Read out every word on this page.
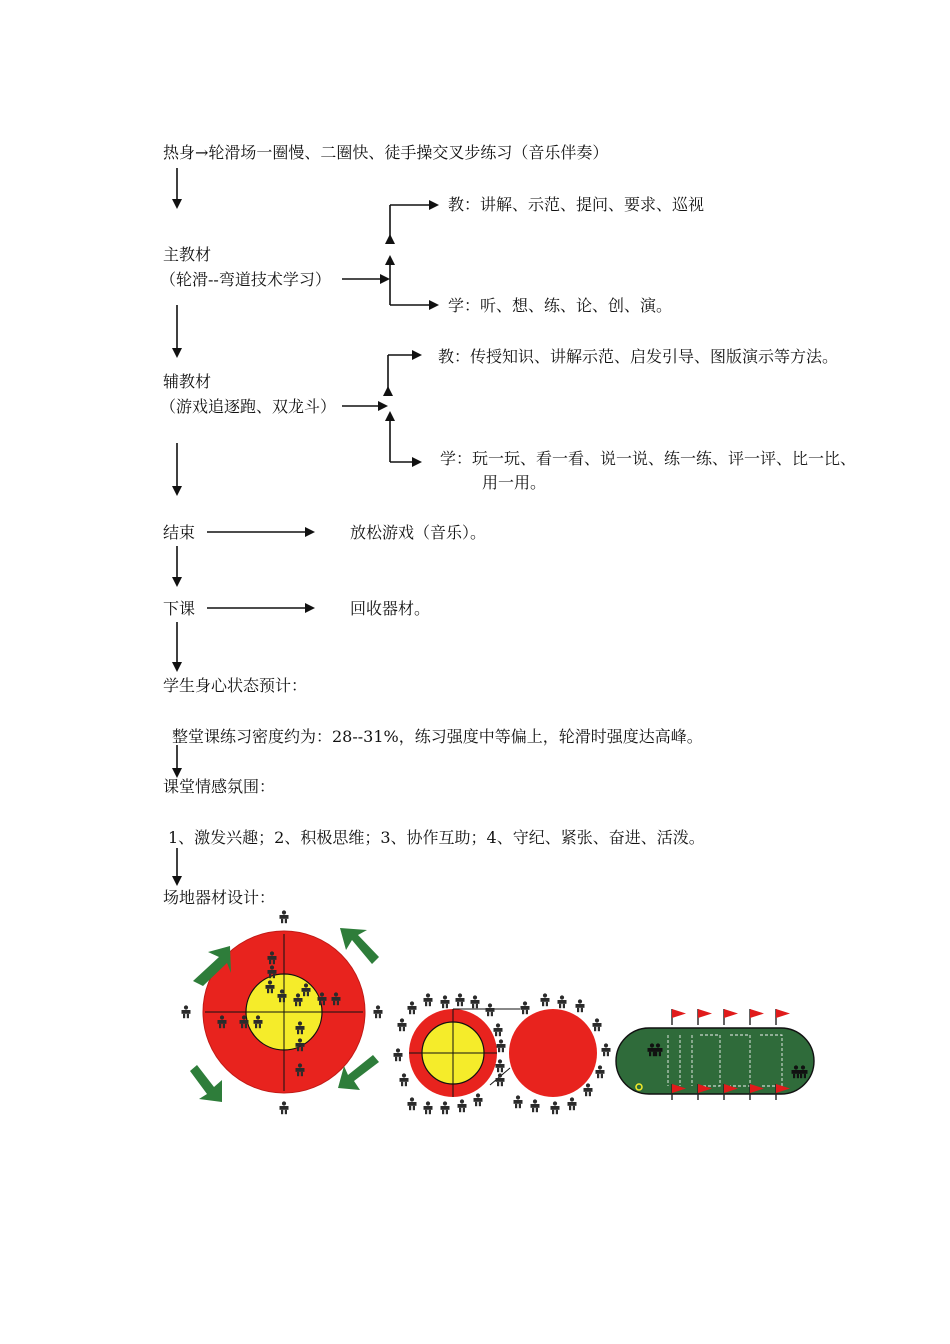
热身→轮滑场一圈慢、二圈快、徒手操交叉步练习（音乐伴奏）
主教材
（轮滑--弯道技术学习）
教：讲解、示范、提问、要求、巡视
学：听、想、练、论、创、演。
辅教材
（游戏追逐跑、双龙斗）
教：传授知识、讲解示范、启发引导、图版演示等方法。
学：玩一玩、看一看、说一说、练一练、评一评、比一比、
用一用。
结束	放松游戏（音乐）。
下课	回收器材。
学生身心状态预计：
整堂课练习密度约为：28--31%，练习强度中等偏上，轮滑时强度达高峰。
课堂情感氛围：
1、激发兴趣；2、积极思维；3、协作互助；4、守纪、紧张、奋进、活泼。
场地器材设计：
